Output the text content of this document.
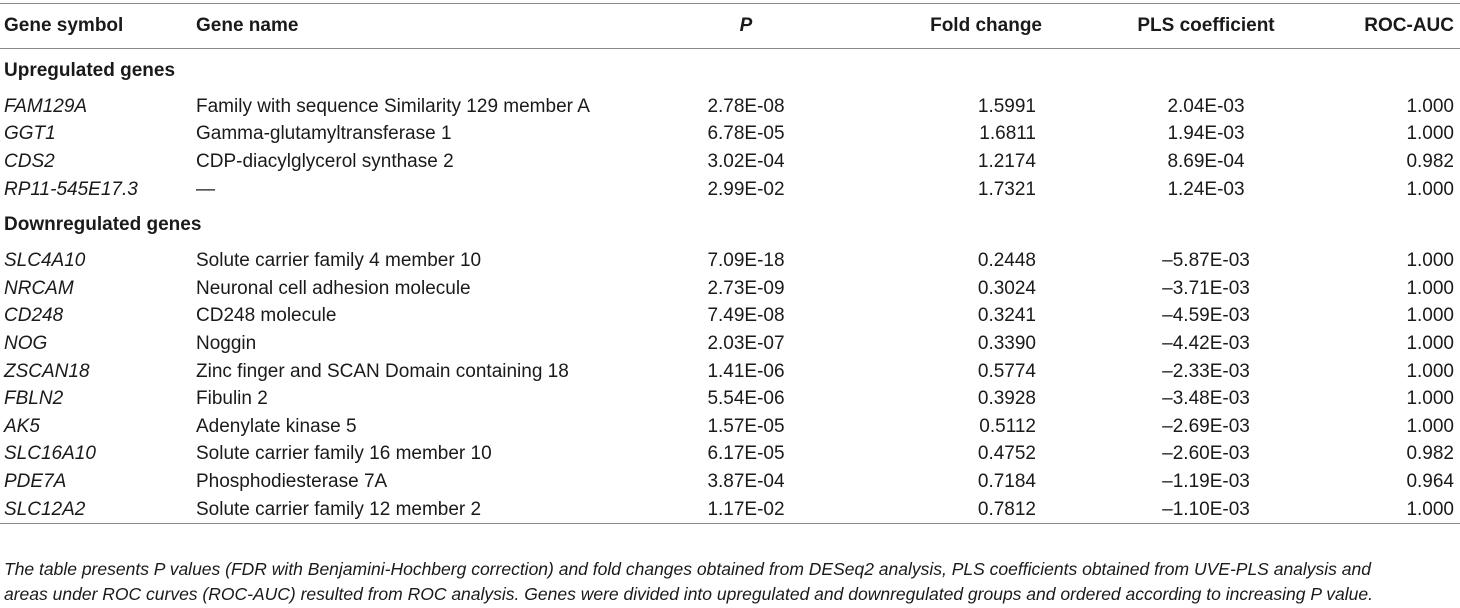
Gene symbol	Gene name	P	Fold change	PLS coefficient	ROC-AUC
Upregulated genes
FAM129A	Family with sequence Similarity 129 member A	2.78E-08	1.5991	2.04E-03	1.000
GGT1	Gamma-glutamyltransferase 1	6.78E-05	1.6811	1.94E-03	1.000
CDS2	CDP-diacylglycerol synthase 2	3.02E-04	1.2174	8.69E-04	0.982
RP11-545E17.3	—	2.99E-02	1.7321	1.24E-03	1.000
Downregulated genes
SLC4A10	Solute carrier family 4 member 10	7.09E-18	0.2448	–5.87E-03	1.000
NRCAM	Neuronal cell adhesion molecule	2.73E-09	0.3024	–3.71E-03	1.000
CD248	CD248 molecule	7.49E-08	0.3241	–4.59E-03	1.000
NOG	Noggin	2.03E-07	0.3390	–4.42E-03	1.000
ZSCAN18	Zinc finger and SCAN Domain containing 18	1.41E-06	0.5774	–2.33E-03	1.000
FBLN2	Fibulin 2	5.54E-06	0.3928	–3.48E-03	1.000
AK5	Adenylate kinase 5	1.57E-05	0.5112	–2.69E-03	1.000
SLC16A10	Solute carrier family 16 member 10	6.17E-05	0.4752	–2.60E-03	0.982
PDE7A	Phosphodiesterase 7A	3.87E-04	0.7184	–1.19E-03	0.964
SLC12A2	Solute carrier family 12 member 2	1.17E-02	0.7812	–1.10E-03	1.000
The table presents P values (FDR with Benjamini-Hochberg correction) and fold changes obtained from DESeq2 analysis, PLS coefficients obtained from UVE-PLS analysis and
areas under ROC curves (ROC-AUC) resulted from ROC analysis. Genes were divided into upregulated and downregulated groups and ordered according to increasing P value.
